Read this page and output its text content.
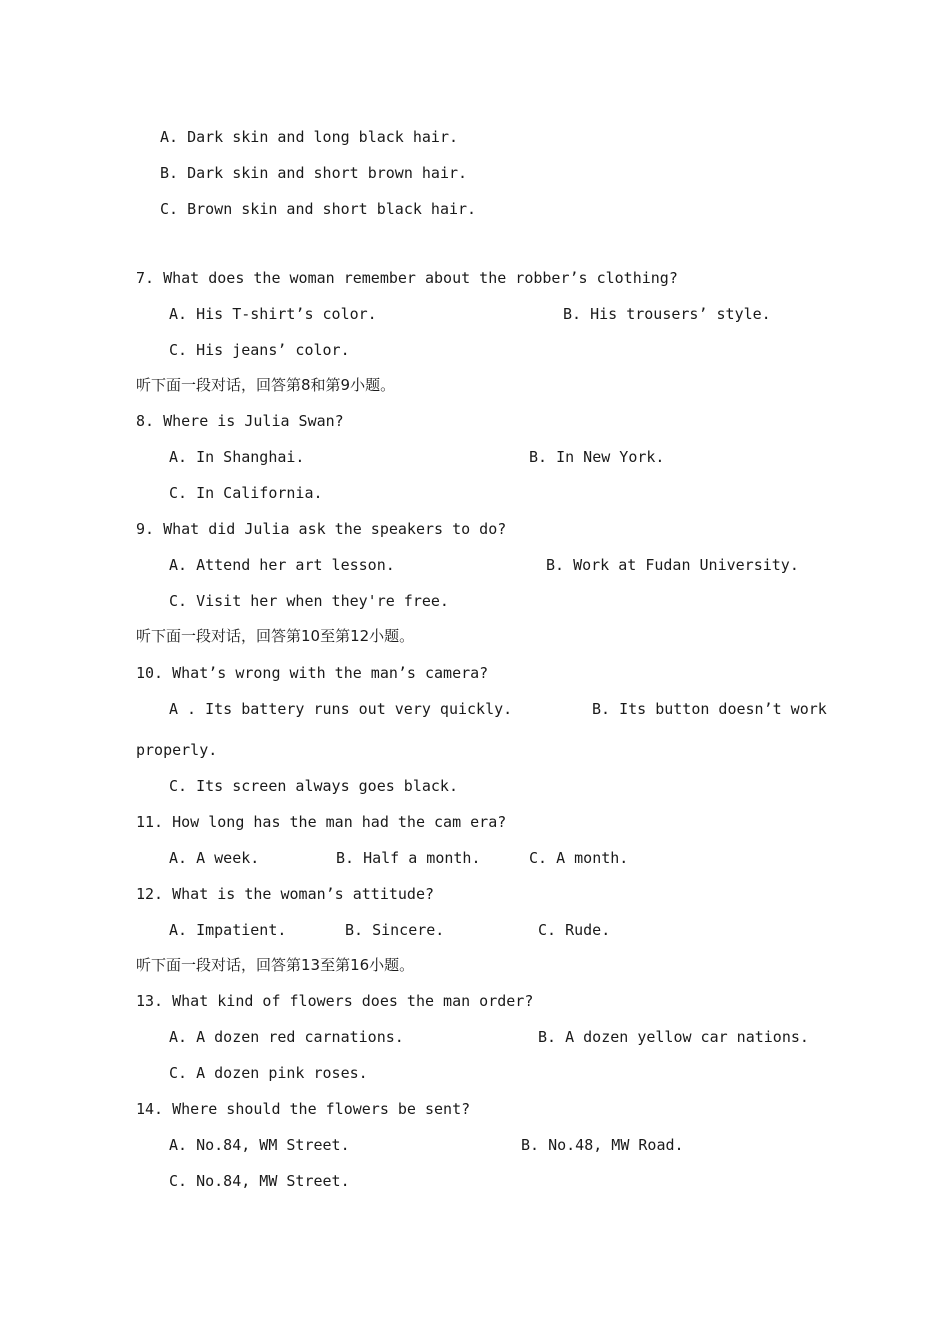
A. Dark skin and long black hair.

B. Dark skin and short brown hair.

C. Brown skin and short black hair.

7. What does the woman remember about the robber’s clothing?

A. His T-shirt’s color.	B. His trousers’ style.

C. His jeans’ color.

听下面一段对话，回答第8和第9小题。

8. Where is Julia Swan?

A. In Shanghai.	B. In New York.

C. In California.

9. What did Julia ask the speakers to do?

A. Attend her art lesson.	B. Work at Fudan University.

C. Visit her when they're free.

听下面一段对话，回答第10至第12小题。

10. What’s wrong with the man’s camera?

A . Its battery runs out very quickly.	B. Its button doesn’t work

properly.

C. Its screen always goes black.

11. How long has the man had the cam era?

A. A week.	B. Half a month.	C. A month.

12. What is the woman’s attitude?

A. Impatient.	B. Sincere.	C. Rude.

听下面一段对话，回答第13至第16小题。

13. What kind of flowers does the man order?

A. A dozen red carnations.	B. A dozen yellow car nations.

C. A dozen pink roses.

14. Where should the flowers be sent?

A. No.84, WM Street.	B. No.48, MW Road.

C. No.84, MW Street.
